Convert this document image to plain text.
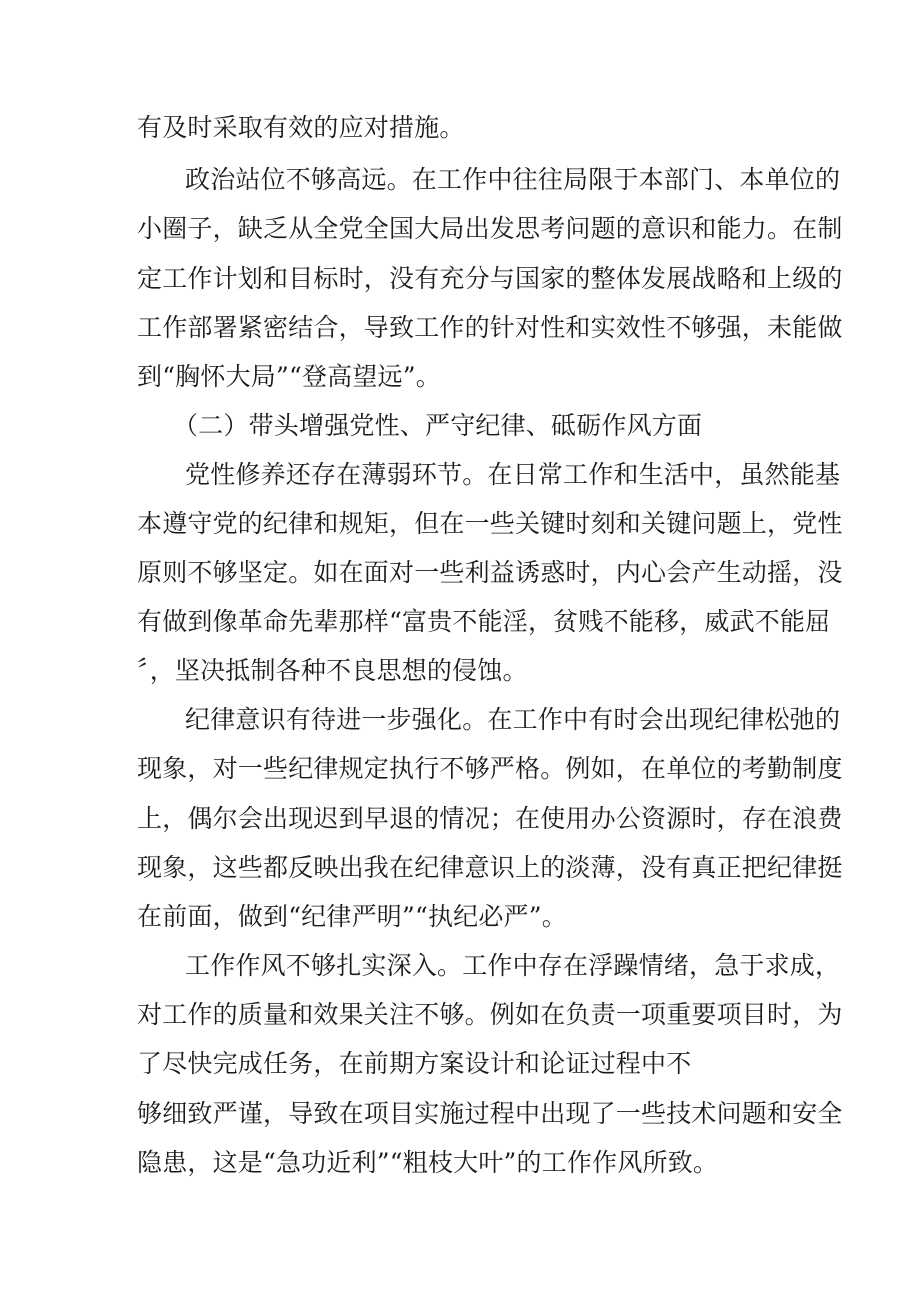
有及时采取有效的应对措施。
政治站位不够高远。在工作中往往局限于本部门、本单位的
小圈子，缺乏从全党全国大局出发思考问题的意识和能力。在制
定工作计划和目标时，没有充分与国家的整体发展战略和上级的
工作部署紧密结合，导致工作的针对性和实效性不够强，未能做
到“胸怀大局”“登高望远”。
（二）带头增强党性、严守纪律、砥砺作风方面
党性修养还存在薄弱环节。在日常工作和生活中，虽然能基
本遵守党的纪律和规矩，但在一些关键时刻和关键问题上，党性
原则不够坚定。如在面对一些利益诱惑时，内心会产生动摇，没
有做到像革命先辈那样“富贵不能淫，贫贱不能移，威武不能屈
〞，坚决抵制各种不良思想的侵蚀。
纪律意识有待进一步强化。在工作中有时会出现纪律松弛的
现象，对一些纪律规定执行不够严格。例如，在单位的考勤制度
上，偶尔会出现迟到早退的情况；在使用办公资源时，存在浪费
现象，这些都反映出我在纪律意识上的淡薄，没有真正把纪律挺
在前面，做到“纪律严明”“执纪必严”。
工作作风不够扎实深入。工作中存在浮躁情绪，急于求成，
对工作的质量和效果关注不够。例如在负责一项重要项目时，为
了尽快完成任务，在前期方案设计和论证过程中不
够细致严谨，导致在项目实施过程中出现了一些技术问题和安全
隐患，这是“急功近利”“粗枝大叶”的工作作风所致。
